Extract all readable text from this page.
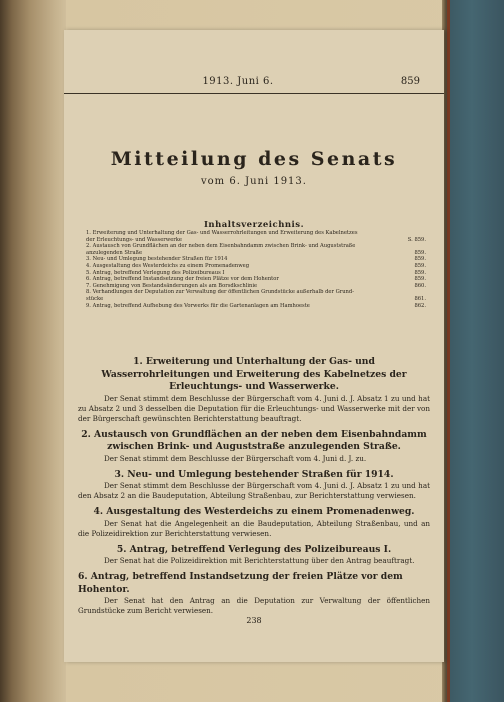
1913. Juni 6.	859
Mitteilung des Senats
vom 6. Juni 1913.
Inhaltsverzeichnis.
1. Erweiterung und Unterhaltung der Gas- und Wasserrohrleitungen und Erweiterung des Kabelnetzes
der Erleuchtungs- und Wasserwerke	S. 859.
2. Austausch von Grundflächen an der neben dem Eisenbahndamm zwischen Brink- und Auguststraße
anzulegenden Straße	859.
3. Neu- und Umlegung bestehender Straßen für 1914	859.
4. Ausgestaltung des Westerdeichs zu einem Promenadenweg	859.
5. Antrag, betreffend Verlegung des Polizeibureaus I	859.
6. Antrag, betreffend Instandsetzung der freien Plätze vor dem Hohentor	859.
7. Genehmigung von Bestandsänderungen als am Borsdkschlinie	860.
8. Verhandlungen der Deputation zur Verwaltung der öffentlichen Grundstücke außerhalb der Grund-
stücke	861.
9. Antrag, betreffend Aufhebung des Vorwerks für die Gartenanlagen am Hamhoeste	862.
1. Erweiterung und Unterhaltung der Gas- und Wasserrohrleitungen und Erweiterung des Kabelnetzes der Erleuchtungs- und Wasserwerke.
Der Senat stimmt dem Beschlusse der Bürgerschaft vom 4. Juni d. J. Absatz 1 zu und hat zu Absatz 2 und 3 desselben die Deputation für die Erleuchtungs- und Wasserwerke mit der von der Bürgerschaft gewünschten Berichterstattung beauftragt.
2. Austausch von Grundflächen an der neben dem Eisenbahndamm zwischen Brink- und Auguststraße anzulegenden Straße.
Der Senat stimmt dem Beschlusse der Bürgerschaft vom 4. Juni d. J. zu.
3. Neu- und Umlegung bestehender Straßen für 1914.
Der Senat stimmt dem Beschlusse der Bürgerschaft vom 4. Juni d. J. Absatz 1 zu und hat den Absatz 2 an die Baudeputation, Abteilung Straßenbau, zur Berichterstattung verwiesen.
4. Ausgestaltung des Westerdeichs zu einem Promenadenweg.
Der Senat hat die Angelegenheit an die Baudeputation, Abteilung Straßenbau, und an die Polizeidirektion zur Berichterstattung verwiesen.
5. Antrag, betreffend Verlegung des Polizeibureaus I.
Der Senat hat die Polizeidirektion mit Berichterstattung über den Antrag beauftragt.
6. Antrag, betreffend Instandsetzung der freien Plätze vor dem Hohentor.
Der Senat hat den Antrag an die Deputation zur Verwaltung der öffentlichen Grundstücke zum Bericht verwiesen.
238
